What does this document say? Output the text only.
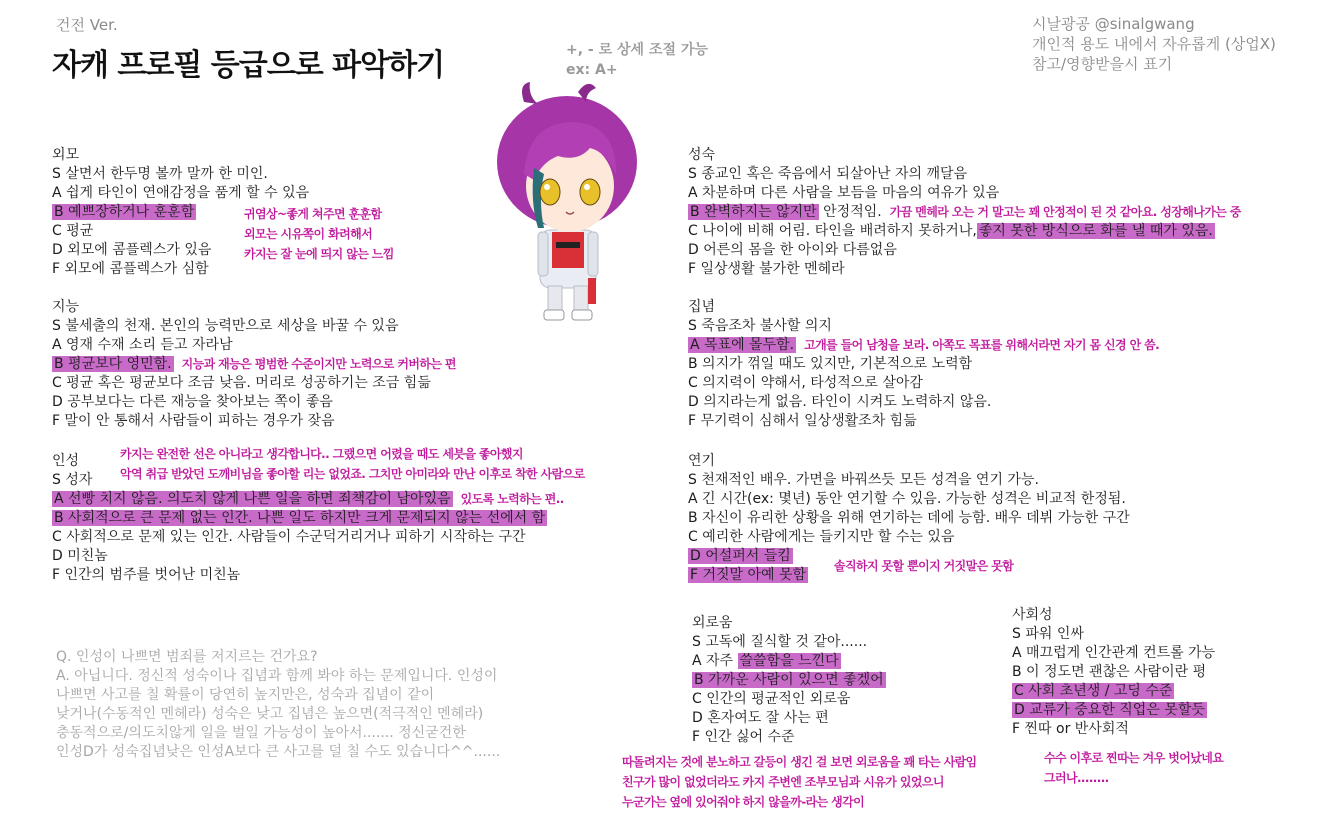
건전 Ver.
자캐 프로필 등급으로 파악하기	+, - 로 상세 조절 가능
ex: A+
시날광공 @sinalgwang
개인적 용도 내에서 자유롭게 (상업X)
참고/영향받을시 표기
외모
S 살면서 한두명 볼까 말까 한 미인.
A 쉽게 타인이 연애감정을 품게 할 수 있음
B 예쁘장하거나 훈훈함
C 평균
D 외모에 콤플렉스가 있음
F 외모에 콤플렉스가 심함
귀염상~좋게 쳐주면 훈훈함
외모는 시유쪽이 화려해서
카지는 잘 눈에 띄지 않는 느낌
지능
S 불세출의 천재. 본인의 능력만으로 세상을 바꿀 수 있음
A 영재 수재 소리 듣고 자라남
B 평균보다 영민함. 지능과 재능은 평범한 수준이지만 노력으로 커버하는 편
C 평균 혹은 평균보다 조금 낮음. 머리로 성공하기는 조금 힘듦
D 공부보다는 다른 재능을 찾아보는 쪽이 좋음
F 말이 안 통해서 사람들이 피하는 경우가 잦음
카지는 완전한 선은 아니라고 생각합니다.. 그랬으면 어렸을 때도 세븟을 좋아했지
악역 취급 받았던 도깨비님을 좋아할 리는 없었죠. 그치만 아미라와 만난 이후로 착한 사람으로
인성
S 성자
A 선빵 치지 않음. 의도치 않게 나쁜 일을 하면 죄책감이 남아있음 있도록 노력하는 편..
B 사회적으로 큰 문제 없는 인간. 나쁜 일도 하지만 크게 문제되지 않는 선에서 함
C 사회적으로 문제 있는 인간. 사람들이 수군덕거리거나 피하기 시작하는 구간
D 미친놈
F 인간의 범주를 벗어난 미친놈
Q. 인성이 나쁘면 범죄를 저지르는 건가요?
A. 아닙니다. 정신적 성숙이나 집념과 함께 봐야 하는 문제입니다. 인성이
나쁘면 사고를 칠 확률이 당연히 높지만은, 성숙과 집념이 같이
낮거나(수동적인 멘헤라) 성숙은 낮고 집념은 높으면(적극적인 멘헤라)
충동적으로/의도치않게 일을 벌일 가능성이 높아서....... 정신굳건한
인성D가 성숙집념낮은 인성A보다 큰 사고를 덜 칠 수도 있습니다^^......
성숙
S 종교인 혹은 죽음에서 되살아난 자의 깨달음
A 차분하며 다른 사람을 보듬을 마음의 여유가 있음
B 완벽하지는 않지만 안정적임. 가끔 멘헤라 오는 거 말고는 꽤 안정적이 된 것 같아요. 성장해나가는 중
C 나이에 비해 어림. 타인을 배려하지 못하거나, 좋지 못한 방식으로 화를 낼 때가 있음.
D 어른의 몸을 한 아이와 다름없음
F 일상생활 불가한 멘헤라
집념
S 죽음조차 불사할 의지
A 목표에 몰두함. 고개를 들어 남청을 보라. 아쪽도 목표를 위해서라면 자기 몸 신경 안 씀.
B 의지가 꺾일 때도 있지만, 기본적으로 노력함
C 의지력이 약해서, 타성적으로 살아감
D 의지라는게 없음. 타인이 시켜도 노력하지 않음.
F 무기력이 심해서 일상생활조차 힘듦
연기
S 천재적인 배우. 가면을 바꿔쓰듯 모든 성격을 연기 가능.
A 긴 시간(ex: 몇년) 동안 연기할 수 있음. 가능한 성격은 비교적 한정됨.
B 자신이 유리한 상황을 위해 연기하는 데에 능함. 배우 데뷔 가능한 구간
C 예리한 사람에게는 들키지만 할 수는 있음
D 어설퍼서 들킴
F 거짓말 아예 못함
솔직하지 못할 뿐이지 거짓말은 못함
외로움
S 고독에 질식할 것 같아......
A 자주 쓸쓸함을 느낀다
B 가까운 사람이 있으면 좋겠어
C 인간의 평균적인 외로움
D 혼자여도 잘 사는 편
F 인간 싫어 수준
따돌려지는 것에 분노하고 갈등이 생긴 걸 보면 외로움을 꽤 타는 사람임
친구가 많이 없었더라도 카지 주변엔 조부모님과 시유가 있었으니
누군가는 옆에 있어줘야 하지 않을까-라는 생각이
사회성
S 파워 인싸
A 매끄럽게 인간관계 컨트롤 가능
B 이 정도면 괜찮은 사람이란 평
C 사회 초년생 / 고딩 수준
D 교류가 중요한 직업은 못할듯
F 찐따 or 반사회적
수수 이후로 찐따는 겨우 벗어났네요
그러나........
